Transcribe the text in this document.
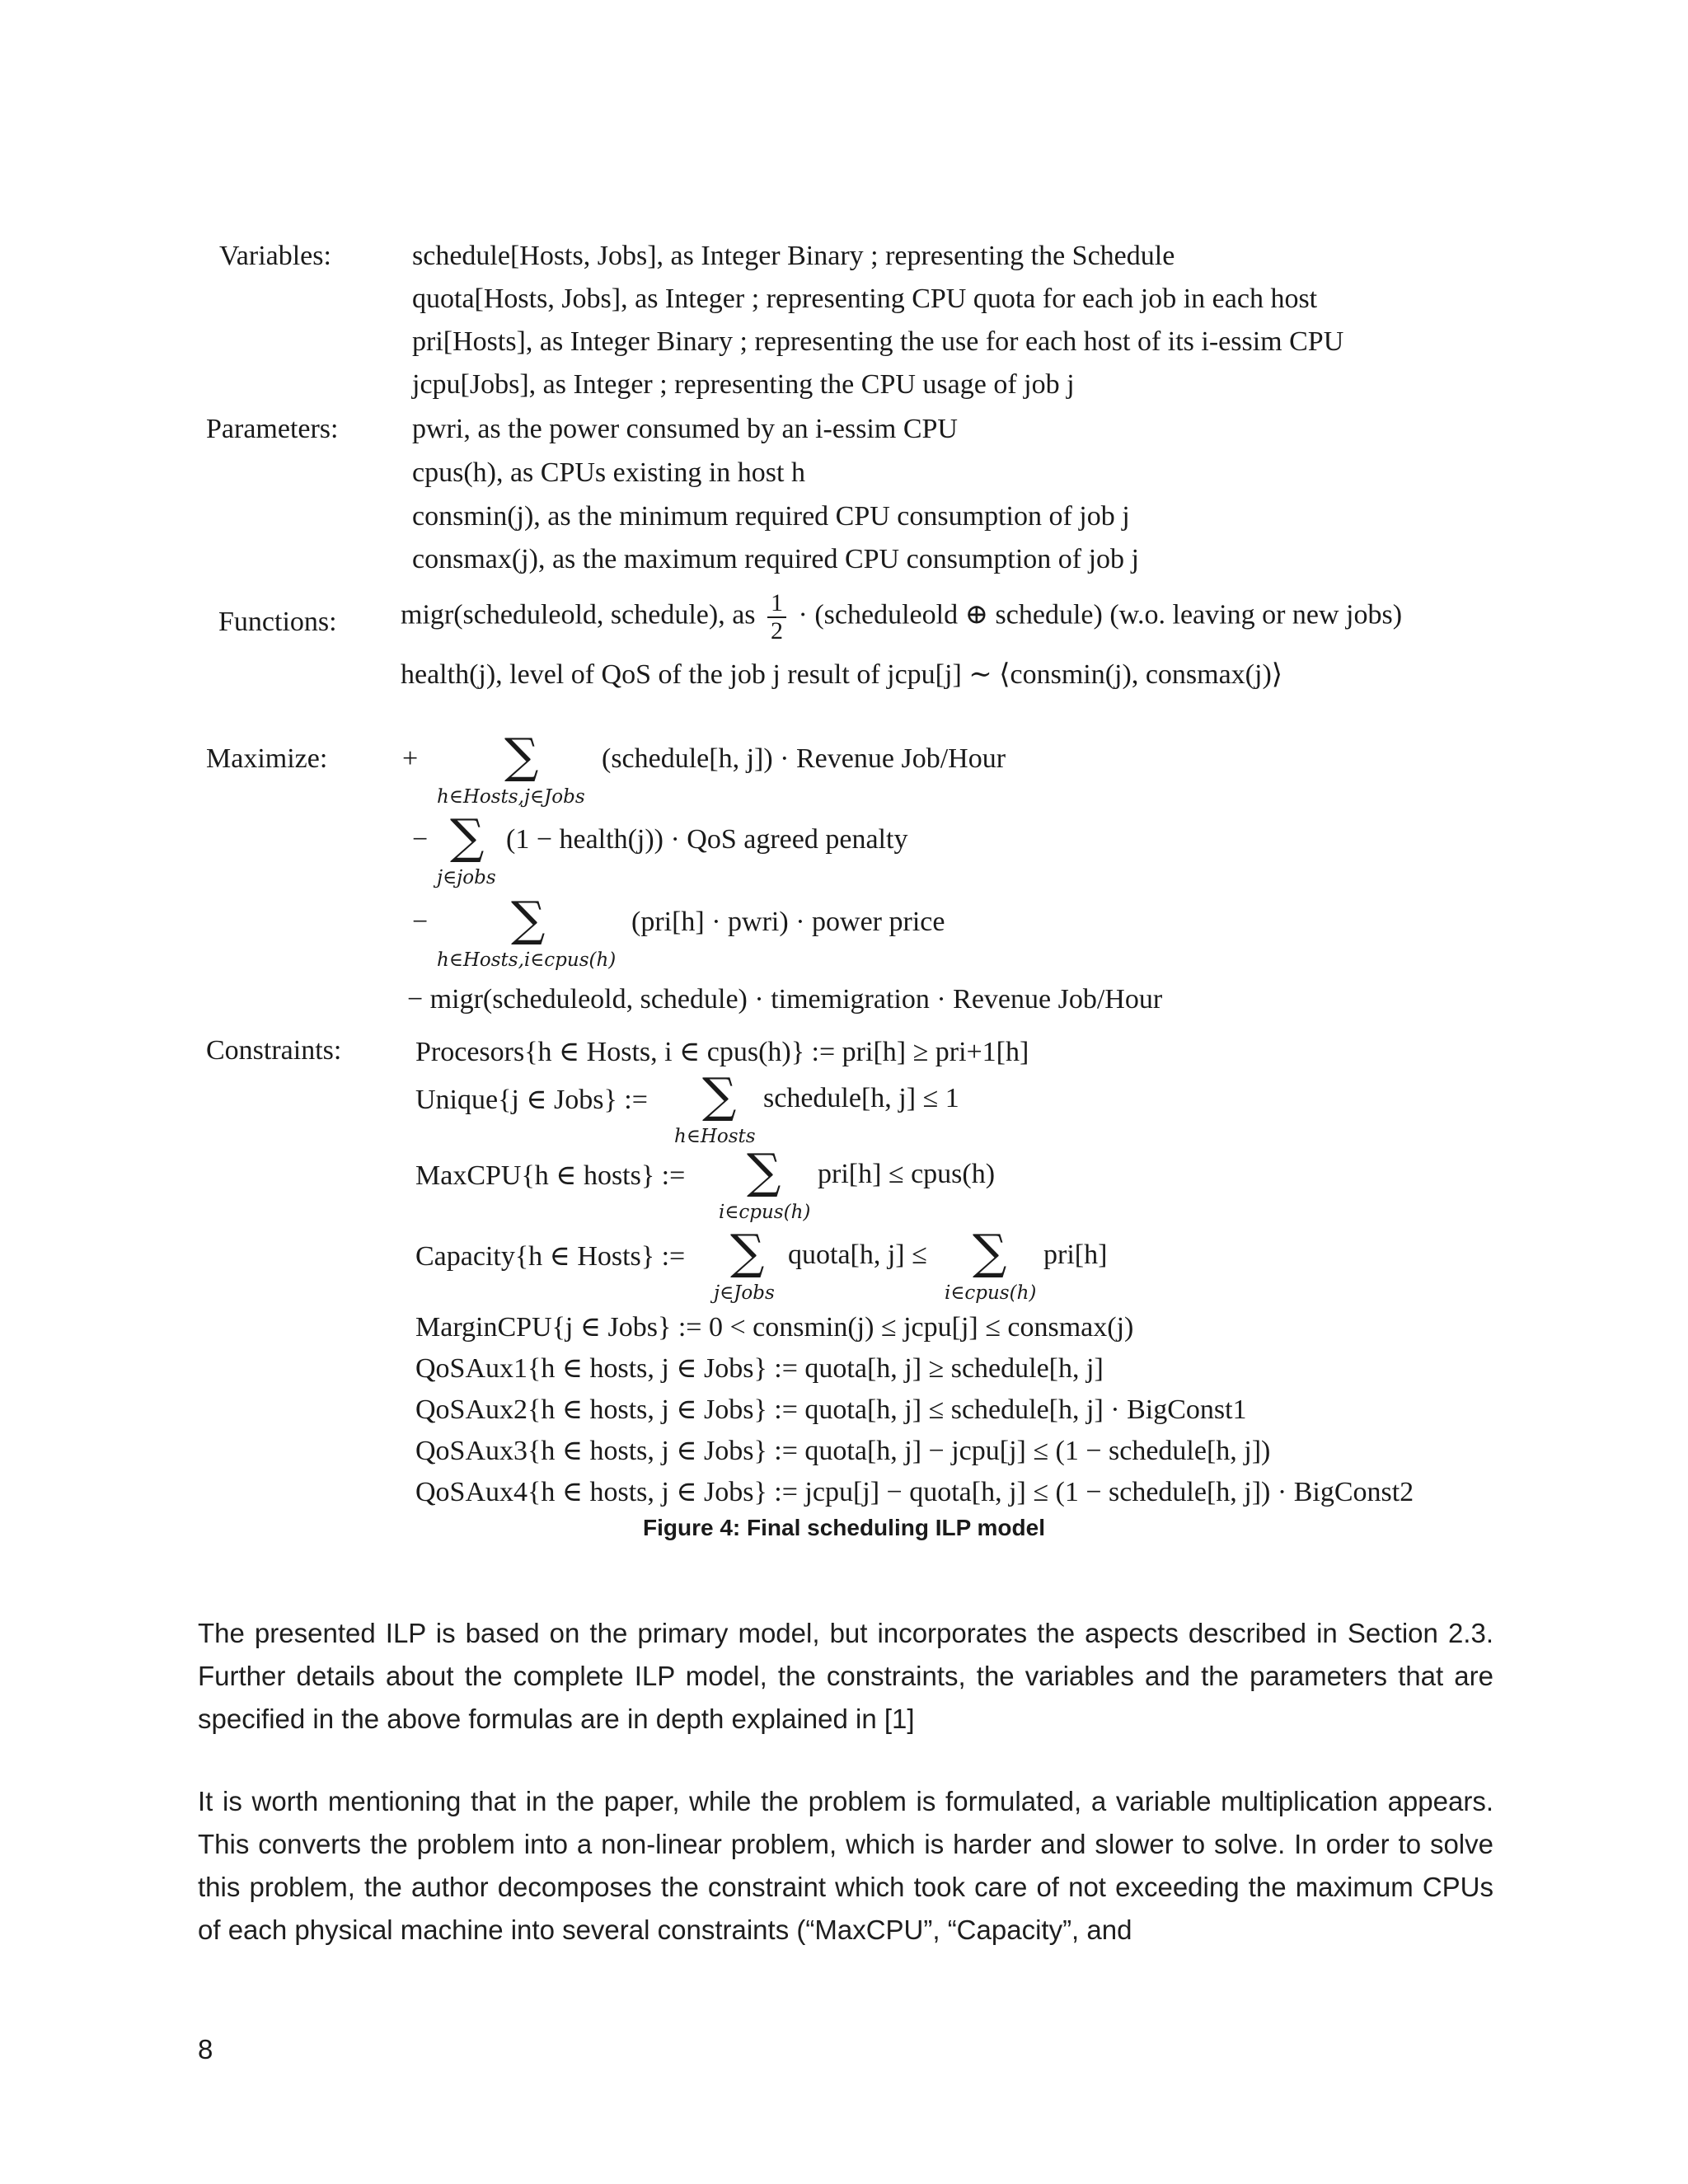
Variables:
Parameters:
Functions:
Maximize:
Constraints:
schedule[Hosts, Jobs], as Integer Binary ; representing the Schedule
quota[Hosts, Jobs], as Integer ; representing CPU quota for each job in each host
pri[Hosts], as Integer Binary ; representing the use for each host of its i-essim CPU
jcpu[Jobs], as Integer ; representing the CPU usage of job j
pwri, as the power consumed by an i-essim CPU
cpus(h), as CPUs existing in host h
consmin(j), as the minimum required CPU consumption of job j
consmax(j), as the maximum required CPU consumption of job j
migr(scheduleold, schedule), as $\frac{1}{2}$ · (scheduleold ⊕ schedule) (w.o. leaving or new jobs)
health(j), level of QoS of the job j result of jcpu[j] ∼ ⟨consmin(j), consmax(j)⟩
+ ∑ (schedule[h, j]) · Revenue Job/Hour
h∈Hosts,j∈Jobs
− ∑ (1 − health(j)) · QoS agreed penalty
j∈jobs
− ∑	(pri[h] · pwri) · power price
h∈Hosts,i∈cpus(h)
− migr(scheduleold, schedule) · timemigration · Revenue Job/Hour
Procesors{h ∈ Hosts, i ∈ cpus(h)} := pri[h] ≥ pri+1[h]
Unique{j ∈ Jobs} := ∑ schedule[h, j] ≤ 1
h∈Hosts
MaxCPU{h ∈ hosts} := ∑ pri[h] ≤ cpus(h)
i∈cpus(h)
Capacity{h ∈ Hosts} := ∑ quota[h, j] ≤
j∈Jobs
∑ pri[h]
i∈cpus(h)
MarginCPU{j ∈ Jobs} := 0 < consmin(j) ≤ jcpu[j] ≤ consmax(j)
QoSAux1{h ∈ hosts, j ∈ Jobs} := quota[h, j] ≥ schedule[h, j]
QoSAux2{h ∈ hosts, j ∈ Jobs} := quota[h, j] ≤ schedule[h, j] · BigConst1
QoSAux3{h ∈ hosts, j ∈ Jobs} := quota[h, j] − jcpu[j] ≤ (1 − schedule[h, j])
QoSAux4{h ∈ hosts, j ∈ Jobs} := jcpu[j] − quota[h, j] ≤ (1 − schedule[h, j]) · BigConst2
Figure 4: Final scheduling ILP model
The presented ILP is based on the primary model, but incorporates the aspects described in Section 2.3. Further details about the complete ILP model, the constraints, the variables and the parameters that are specified in the above formulas are in depth explained in [1]
It is worth mentioning that in the paper, while the problem is formulated, a variable multiplication appears. This converts the problem into a non-linear problem, which is harder and slower to solve. In order to solve this problem, the author decomposes the constraint which took care of not exceeding the maximum CPUs of each physical machine into several constraints (“MaxCPU”, “Capacity”, and
8
